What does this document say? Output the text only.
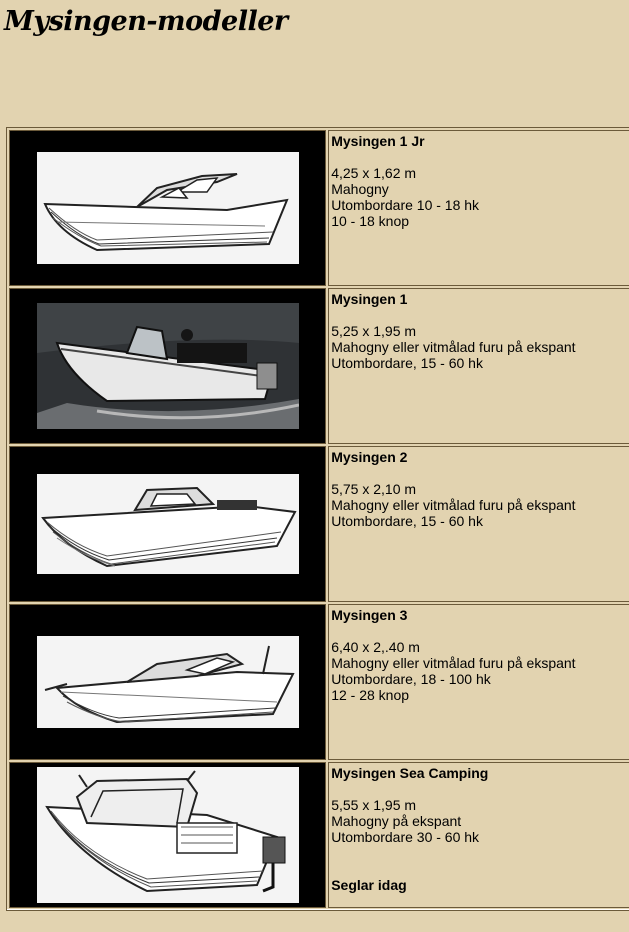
Mysingen-modeller

Mysingen 1 Jr
4,25 x 1,62 m
Mahogny
Utombordare 10 - 18 hk
10 - 18 knop

Mysingen 1
5,25 x 1,95 m
Mahogny eller vitmålad furu på ekspant
Utombordare, 15 - 60 hk

Mysingen 2
5,75 x 2,10 m
Mahogny eller vitmålad furu på ekspant
Utombordare, 15 - 60 hk

Mysingen 3
6,40 x 2,.40 m
Mahogny eller vitmålad furu på ekspant
Utombordare, 18 - 100 hk
12 - 28 knop

Mysingen Sea Camping
5,55 x 1,95 m
Mahogny på ekspant
Utombordare 30 - 60 hk
Seglar idag
